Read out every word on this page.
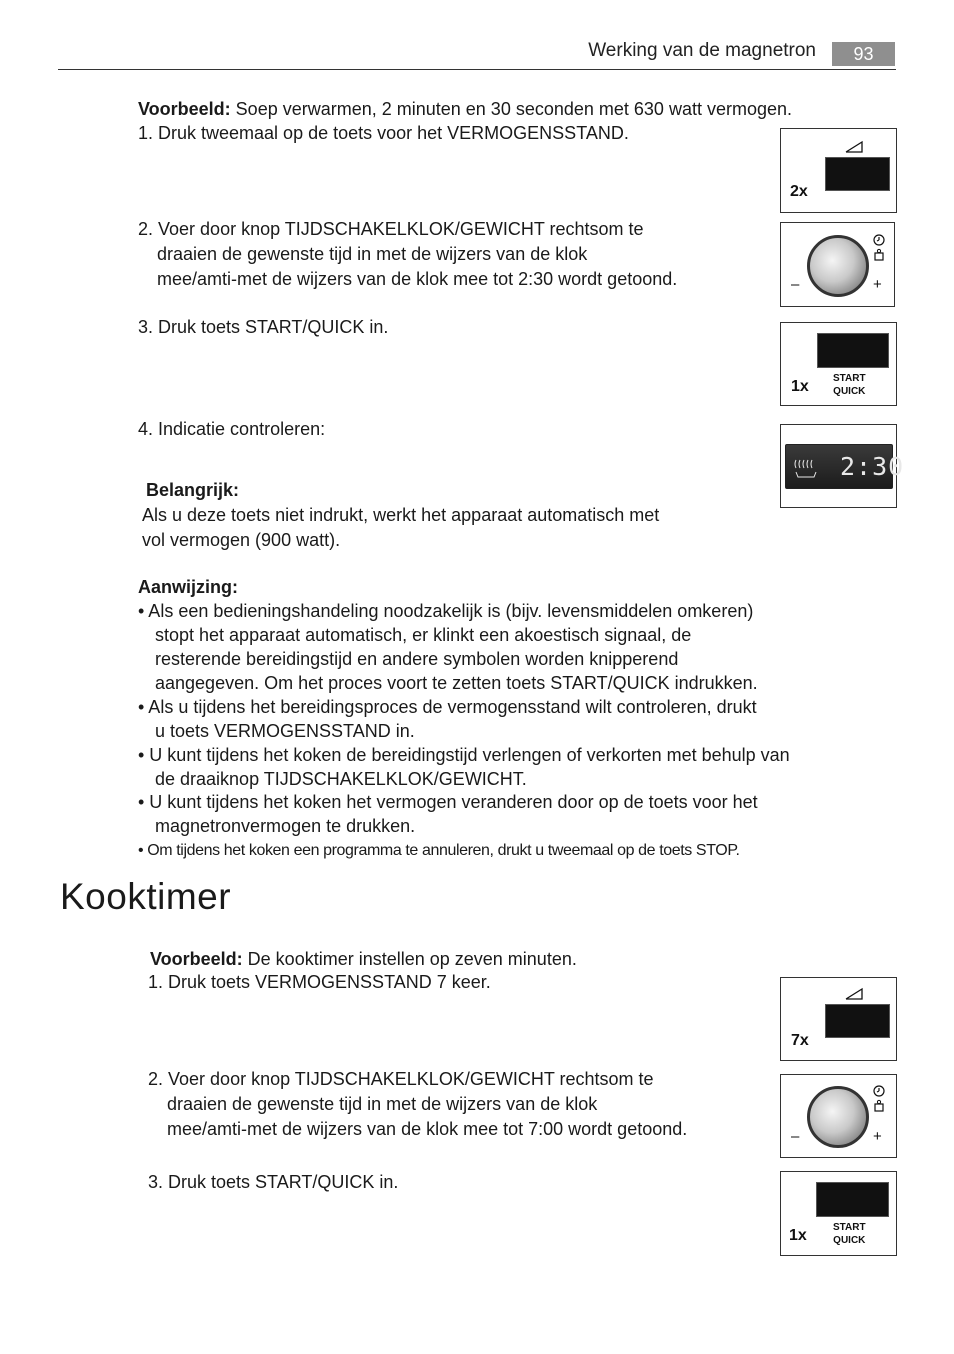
Werking van de magnetron	93
Voorbeeld: Soep verwarmen, 2 minuten en 30 seconden met 630 watt vermogen.
1. Druk tweemaal op de toets voor het VERMOGENSSTAND.
2. Voer door knop TIJDSCHAKELKLOK/GEWICHT rechtsom te
draaien de gewenste tijd in met de wijzers van de klok
mee/amti-met de wijzers van de klok mee tot 2:30 wordt getoond.
3. Druk toets START/QUICK in.
4. Indicatie controleren:
Belangrijk:
Als u deze toets niet indrukt, werkt het apparaat automatisch met
vol vermogen (900 watt).
Aanwijzing:
• Als een bedieningshandeling noodzakelijk is (bijv. levensmiddelen omkeren)
stopt het apparaat automatisch, er klinkt een akoestisch signaal, de
resterende bereidingstijd en andere symbolen worden knipperend
aangegeven. Om het proces voort te zetten toets START/QUICK indrukken.
• Als u tijdens het bereidingsproces de vermogensstand wilt controleren, drukt
u toets VERMOGENSSTAND in.
• U kunt tijdens het koken de bereidingstijd verlengen of verkorten met behulp van
de draaiknop TIJDSCHAKELKLOK/GEWICHT.
• U kunt tijdens het koken het vermogen veranderen door op de toets voor het
magnetronvermogen te drukken.
• Om tijdens het koken een programma te annuleren, drukt u tweemaal op de toets STOP.
Kooktimer
Voorbeeld: De kooktimer instellen op zeven minuten.
1. Druk toets VERMOGENSSTAND 7 keer.
2. Voer door knop TIJDSCHAKELKLOK/GEWICHT rechtsom te
draaien de gewenste tijd in met de wijzers van de klok
mee/amti-met de wijzers van de klok mee tot 7:00 wordt getoond.
3. Druk toets START/QUICK in.
2x
–	+
1x START
QUICK
2:30
7x
–	+
1x	START
QUICK
